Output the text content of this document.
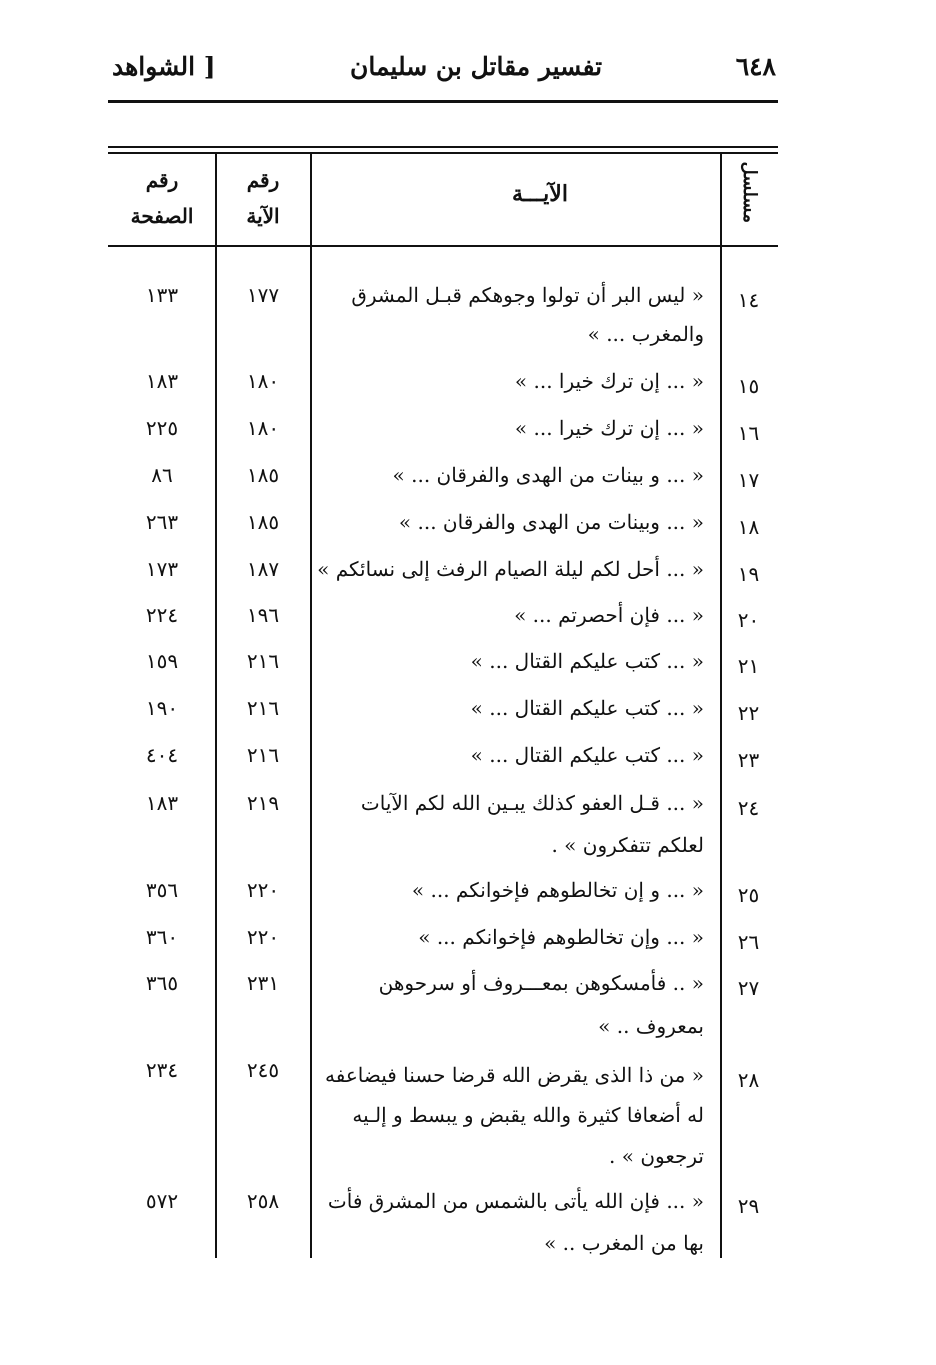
٦٤٨
تفسير مقاتل بن سليمان
[ الشواهد
مسلسل
الآيـــة
رقم
الآية
رقم
الصفحة
١٤
« ليس البر أن تولوا وجوهكم قبـل المشرق
والمغرب ... »
١٧٧
١٣٣
١٥
« ... إن ترك خيرا ... »
١٨٠
١٨٣
١٦
« ... إن ترك خيرا ... »
١٨٠
٢٢٥
١٧
« ... و بينات من الهدى والفرقان ... »
١٨٥
٨٦
١٨
« ... وبينات من الهدى والفرقان ... »
١٨٥
٢٦٣
١٩
« ... أحل لكم ليلة الصيام الرفث إلى نسائكم »
١٨٧
١٧٣
٢٠
« ... فإن أحصرتم ... »
١٩٦
٢٢٤
٢١
« ... كتب عليكم القتال ... »
٢١٦
١٥٩
٢٢
« ... كتب عليكم القتال ... »
٢١٦
١٩٠
٢٣
« ... كتب عليكم القتال ... »
٢١٦
٤٠٤
٢٤
« ... قـل العفو كذلك يبـين الله لكم الآيات
لعلكم تتفكرون » .
٢١٩
١٨٣
٢٥
« ... و إن تخالطوهم فإخوانكم ... »
٢٢٠
٣٥٦
٢٦
« ... وإن تخالطوهم فإخوانكم ... »
٢٢٠
٣٦٠
٢٧
« .. فأمسكوهن بمعـــروف أو سرحوهن
بمعروف .. »
٢٣١
٣٦٥
٢٨
« من ذا الذى يقرض الله قرضا حسنا فيضاعفه
له أضعافا كثيرة والله يقبض و يبسط و إلـيه
ترجعون » .
٢٤٥
٢٣٤
٢٩
« ... فإن الله يأتى بالشمس من المشرق فأت
بها من المغرب .. »
٢٥٨
٥٧٢
